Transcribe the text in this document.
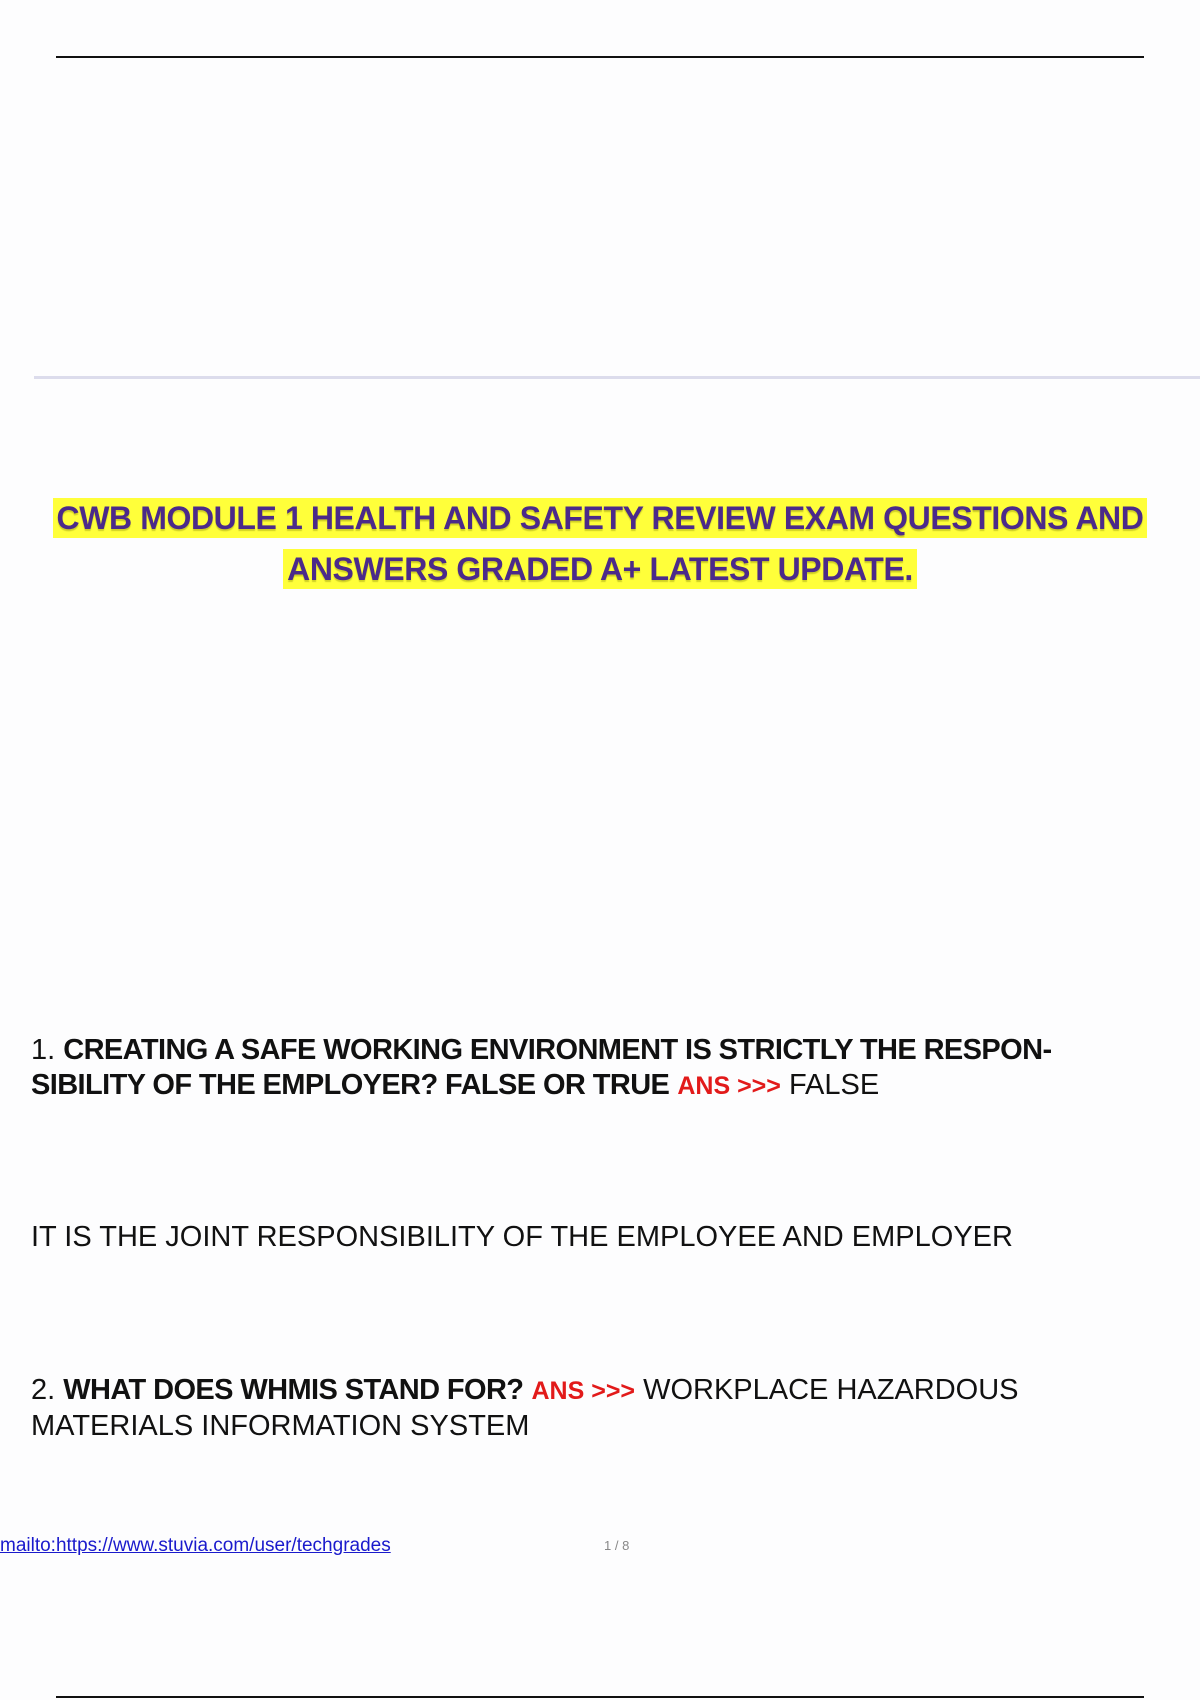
CWB MODULE 1 HEALTH AND SAFETY REVIEW EXAM QUESTIONS AND
ANSWERS GRADED A+ LATEST UPDATE.
1. CREATING A SAFE WORKING ENVIRONMENT IS STRICTLY THE RESPON-
SIBILITY OF THE EMPLOYER? FALSE OR TRUE ANS >>> FALSE
IT IS THE JOINT RESPONSIBILITY OF THE EMPLOYEE AND EMPLOYER
2. WHAT DOES WHMIS STAND FOR? ANS >>> WORKPLACE HAZARDOUS
MATERIALS INFORMATION SYSTEM
mailto:https://www.stuvia.com/user/techgrades	1 / 8
